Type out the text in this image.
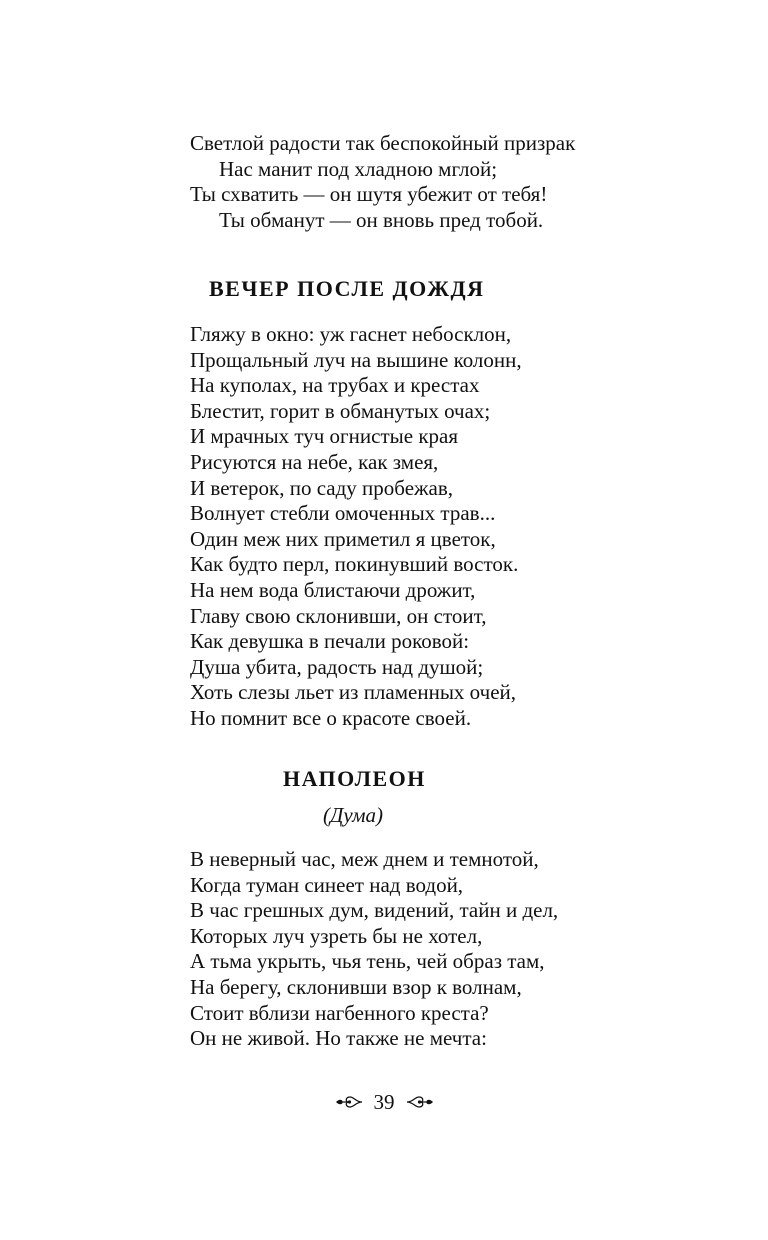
Светлой радости так беспокойный призрак
Нас манит под хладною мглой;
Ты схватить — он шутя убежит от тебя!
Ты обманут — он вновь пред тобой.
ВЕЧЕР ПОСЛЕ ДОЖДЯ
Гляжу в окно: уж гаснет небосклон,
Прощальный луч на вышине колонн,
На куполах, на трубах и крестах
Блестит, горит в обманутых очах;
И мрачных туч огнистые края
Рисуются на небе, как змея,
И ветерок, по саду пробежав,
Волнует стебли омоченных трав...
Один меж них приметил я цветок,
Как будто перл, покинувший восток.
На нем вода блистаючи дрожит,
Главу свою склонивши, он стоит,
Как девушка в печали роковой:
Душа убита, радость над душой;
Хоть слезы льет из пламенных очей,
Но помнит все о красоте своей.
НАПОЛЕОН
(Дума)
В неверный час, меж днем и темнотой,
Когда туман синеет над водой,
В час грешных дум, видений, тайн и дел,
Которых луч узреть бы не хотел,
А тьма укрыть, чья тень, чей образ там,
На берегу, склонивши взор к волнам,
Стоит вблизи нагбенного креста?
Он не живой. Но также не мечта:
39
